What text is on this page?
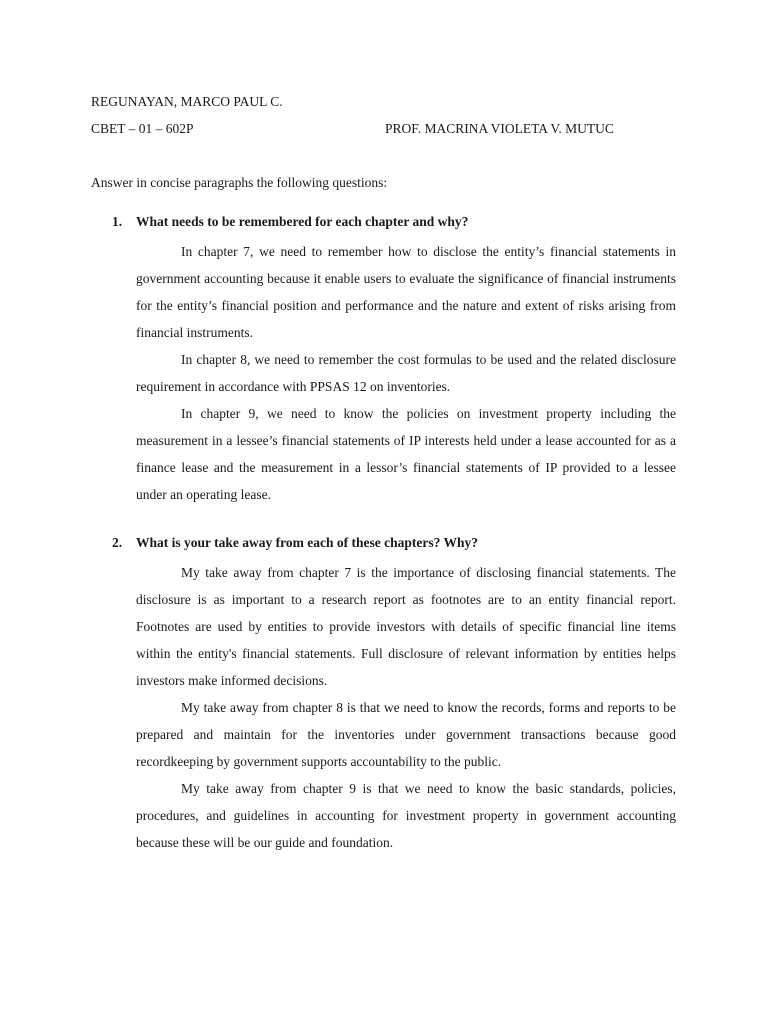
REGUNAYAN, MARCO PAUL C.
CBET – 01 – 602P	PROF. MACRINA VIOLETA V. MUTUC
Answer in concise paragraphs the following questions:
1. What needs to be remembered for each chapter and why?

In chapter 7, we need to remember how to disclose the entity’s financial statements in government accounting because it enable users to evaluate the significance of financial instruments for the entity’s financial position and performance and the nature and extent of risks arising from financial instruments.

In chapter 8, we need to remember the cost formulas to be used and the related disclosure requirement in accordance with PPSAS 12 on inventories.

In chapter 9, we need to know the policies on investment property including the measurement in a lessee’s financial statements of IP interests held under a lease accounted for as a finance lease and the measurement in a lessor’s financial statements of IP provided to a lessee under an operating lease.

2. What is your take away from each of these chapters? Why?

My take away from chapter 7 is the importance of disclosing financial statements. The disclosure is as important to a research report as footnotes are to an entity financial report. Footnotes are used by entities to provide investors with details of specific financial line items within the entity's financial statements. Full disclosure of relevant information by entities helps investors make informed decisions.

My take away from chapter 8 is that we need to know the records, forms and reports to be prepared and maintain for the inventories under government transactions because good recordkeeping by government supports accountability to the public.

My take away from chapter 9 is that we need to know the basic standards, policies, procedures, and guidelines in accounting for investment property in government accounting because these will be our guide and foundation.
